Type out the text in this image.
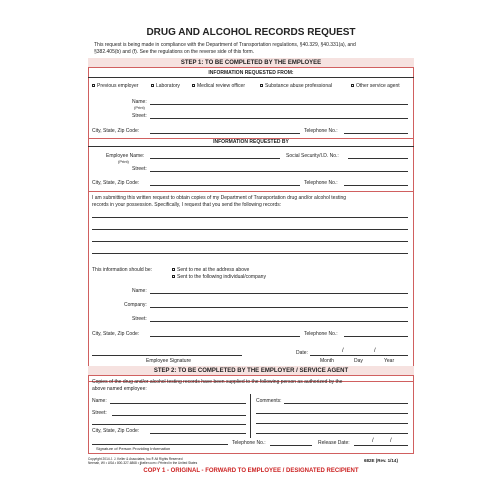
DRUG AND ALCOHOL RECORDS REQUEST
This request is being made in compliance with the Department of Transportation regulations, §40.329, §40.331(a), and
§382.405(b) and (f). See the regulations on the reverse side of this form.
STEP 1: TO BE COMPLETED BY THE EMPLOYEE
INFORMATION REQUESTED FROM:
Previous employer	Laboratory	Medical review officer	Substance abuse professional	Other service agent
Name:
(Print)
Street:
City, State, Zip Code:	Telephone No.:
INFORMATION REQUESTED BY
Employee Name:
(Print)
Social Security/I.D. No.:
Street:
City, State, Zip Code:	Telephone No.:
I am submitting this written request to obtain copies of my Department of Transportation drug and/or alcohol testing
records in your possession. Specifically, I request that you send the following records:
This information should be:	Sent to me at the address above
Sent to the following individual/company
Name:
Company:
Street:
City, State, Zip Code:	Telephone No.:
Employee Signature
Date:	/	/
Month	Day	Year
STEP 2: TO BE COMPLETED BY THE EMPLOYER / SERVICE AGENT
Copies of the drug and/or alcohol testing records have been supplied to the following person as authorized by the
above named employee:
Name:
Street:
City, State, Zip Code:
Comments:
Signature of Person Providing Information
Telephone No.:	Release Date:	/	/
Copyright 2014 J. J. Keller & Associates, Inc.® All Rights Reserved
Neenah, WI • USA • 800-327-6868 • jjkeller.com • Printed in the United States	682E (Rev. 1/14)
COPY 1 - ORIGINAL - FORWARD TO EMPLOYEE / DESIGNATED RECIPIENT
